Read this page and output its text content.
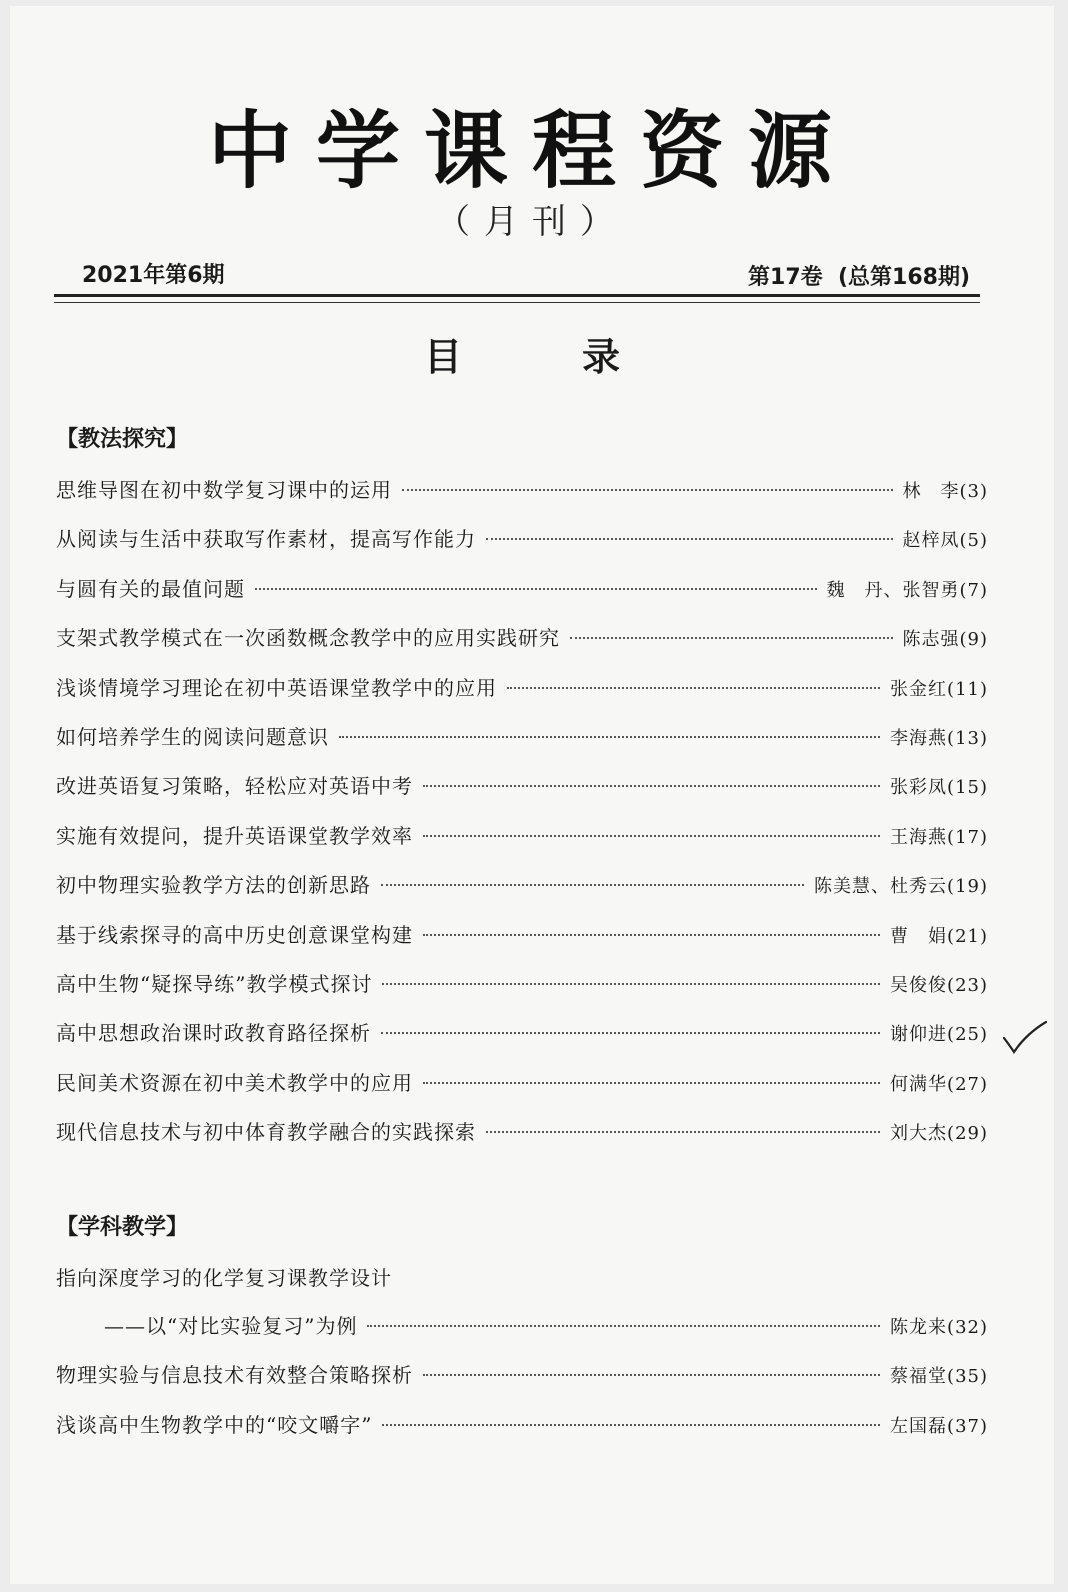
中学课程资源
（月刊）
2021年第6期	第17卷  (总第168期)
目录
【教法探究】
思维导图在初中数学复习课中的运用	林　李(3)
从阅读与生活中获取写作素材，提高写作能力	赵梓凤(5)
与圆有关的最值问题	魏　丹、张智勇(7)
支架式教学模式在一次函数概念教学中的应用实践研究	陈志强(9)
浅谈情境学习理论在初中英语课堂教学中的应用	张金红(11)
如何培养学生的阅读问题意识	李海燕(13)
改进英语复习策略，轻松应对英语中考	张彩凤(15)
实施有效提问，提升英语课堂教学效率	王海燕(17)
初中物理实验教学方法的创新思路	陈美慧、杜秀云(19)
基于线索探寻的高中历史创意课堂构建	曹　娟(21)
高中生物“疑探导练”教学模式探讨	吴俊俊(23)
高中思想政治课时政教育路径探析	谢仰进(25)
民间美术资源在初中美术教学中的应用	何满华(27)
现代信息技术与初中体育教学融合的实践探索	刘大杰(29)
【学科教学】
指向深度学习的化学复习课教学设计
——以“对比实验复习”为例	陈龙来(32)
物理实验与信息技术有效整合策略探析	蔡福堂(35)
浅谈高中生物教学中的“咬文嚼字”	左国磊(37)
